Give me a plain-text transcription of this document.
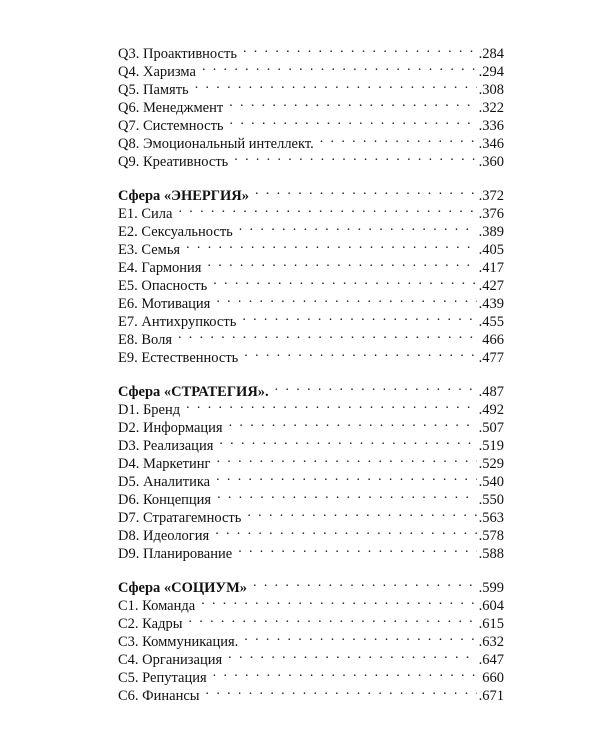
Q3. Проактивность . . .	.284
Q4. Харизма . . .	.294
Q5. Память . . .	.308
Q6. Менеджмент . . .	.322
Q7. Системность . . .	.336
Q8. Эмоциональный интеллект. . . .	.346
Q9. Креативность . . .	.360
Сфера «ЭНЕРГИЯ» . . .	.372
E1. Сила . . .	.376
E2. Сексуальность . . .	.389
E3. Семья . . .	.405
E4. Гармония . . .	.417
E5. Опасность . . .	.427
E6. Мотивация . . .	.439
E7. Антихрупкость . . .	.455
E8. Воля . . .	466
E9. Естественность . . .	.477
Сфера «СТРАТЕГИЯ». . . .	.487
D1. Бренд . . .	.492
D2. Информация . . .	.507
D3. Реализация . . .	.519
D4. Маркетинг . . .	.529
D5. Аналитика . . .	.540
D6. Концепция . . .	.550
D7. Стратагемность . . .	.563
D8. Идеология . . .	.578
D9. Планирование . . .	.588
Сфера «СОЦИУМ» . . .	.599
C1. Команда . . .	.604
C2. Кадры . . .	.615
C3. Коммуникация. . . .	.632
C4. Организация . . .	.647
C5. Репутация . . .	660
C6. Финансы . . .	.671
